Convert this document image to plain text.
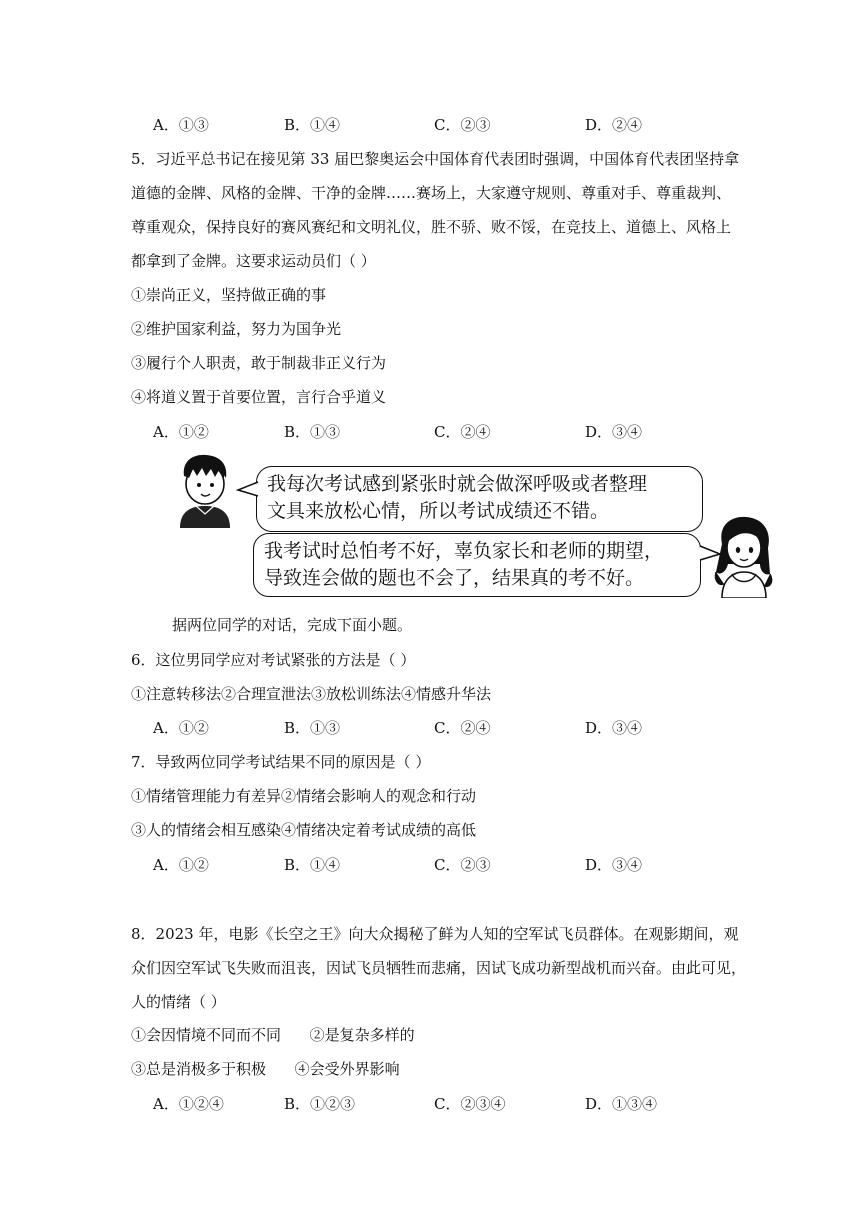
A．①③	B．①④	C．②③	D．②④
5．习近平总书记在接见第 33 届巴黎奥运会中国体育代表团时强调，中国体育代表团坚持拿
道德的金牌、风格的金牌、干净的金牌……赛场上，大家遵守规则、尊重对手、尊重裁判、
尊重观众，保持良好的赛风赛纪和文明礼仪，胜不骄、败不馁，在竞技上、道德上、风格上
都拿到了金牌。这要求运动员们（ ）
①崇尚正义，坚持做正确的事
②维护国家利益，努力为国争光
③履行个人职责，敢于制裁非正义行为
④将道义置于首要位置，言行合乎道义
A．①②	B．①③	C．②④	D．③④
我每次考试感到紧张时就会做深呼吸或者整理
文具来放松心情，所以考试成绩还不错。
我考试时总怕考不好，辜负家长和老师的期望，
导致连会做的题也不会了，结果真的考不好。
据两位同学的对话，完成下面小题。
6．这位男同学应对考试紧张的方法是（ ）
①注意转移法②合理宣泄法③放松训练法④情感升华法
A．①②	B．①③	C．②④	D．③④
7．导致两位同学考试结果不同的原因是（ ）
①情绪管理能力有差异②情绪会影响人的观念和行动
③人的情绪会相互感染④情绪决定着考试成绩的高低
A．①②	B．①④	C．②③	D．③④
8．2023 年，电影《长空之王》向大众揭秘了鲜为人知的空军试飞员群体。在观影期间，观
众们因空军试飞失败而沮丧，因试飞员牺牲而悲痛，因试飞成功新型战机而兴奋。由此可见，
人的情绪（ ）
①会因情境不同而不同      ②是复杂多样的
③总是消极多于积极      ④会受外界影响
A．①②④	B．①②③	C．②③④	D．①③④
